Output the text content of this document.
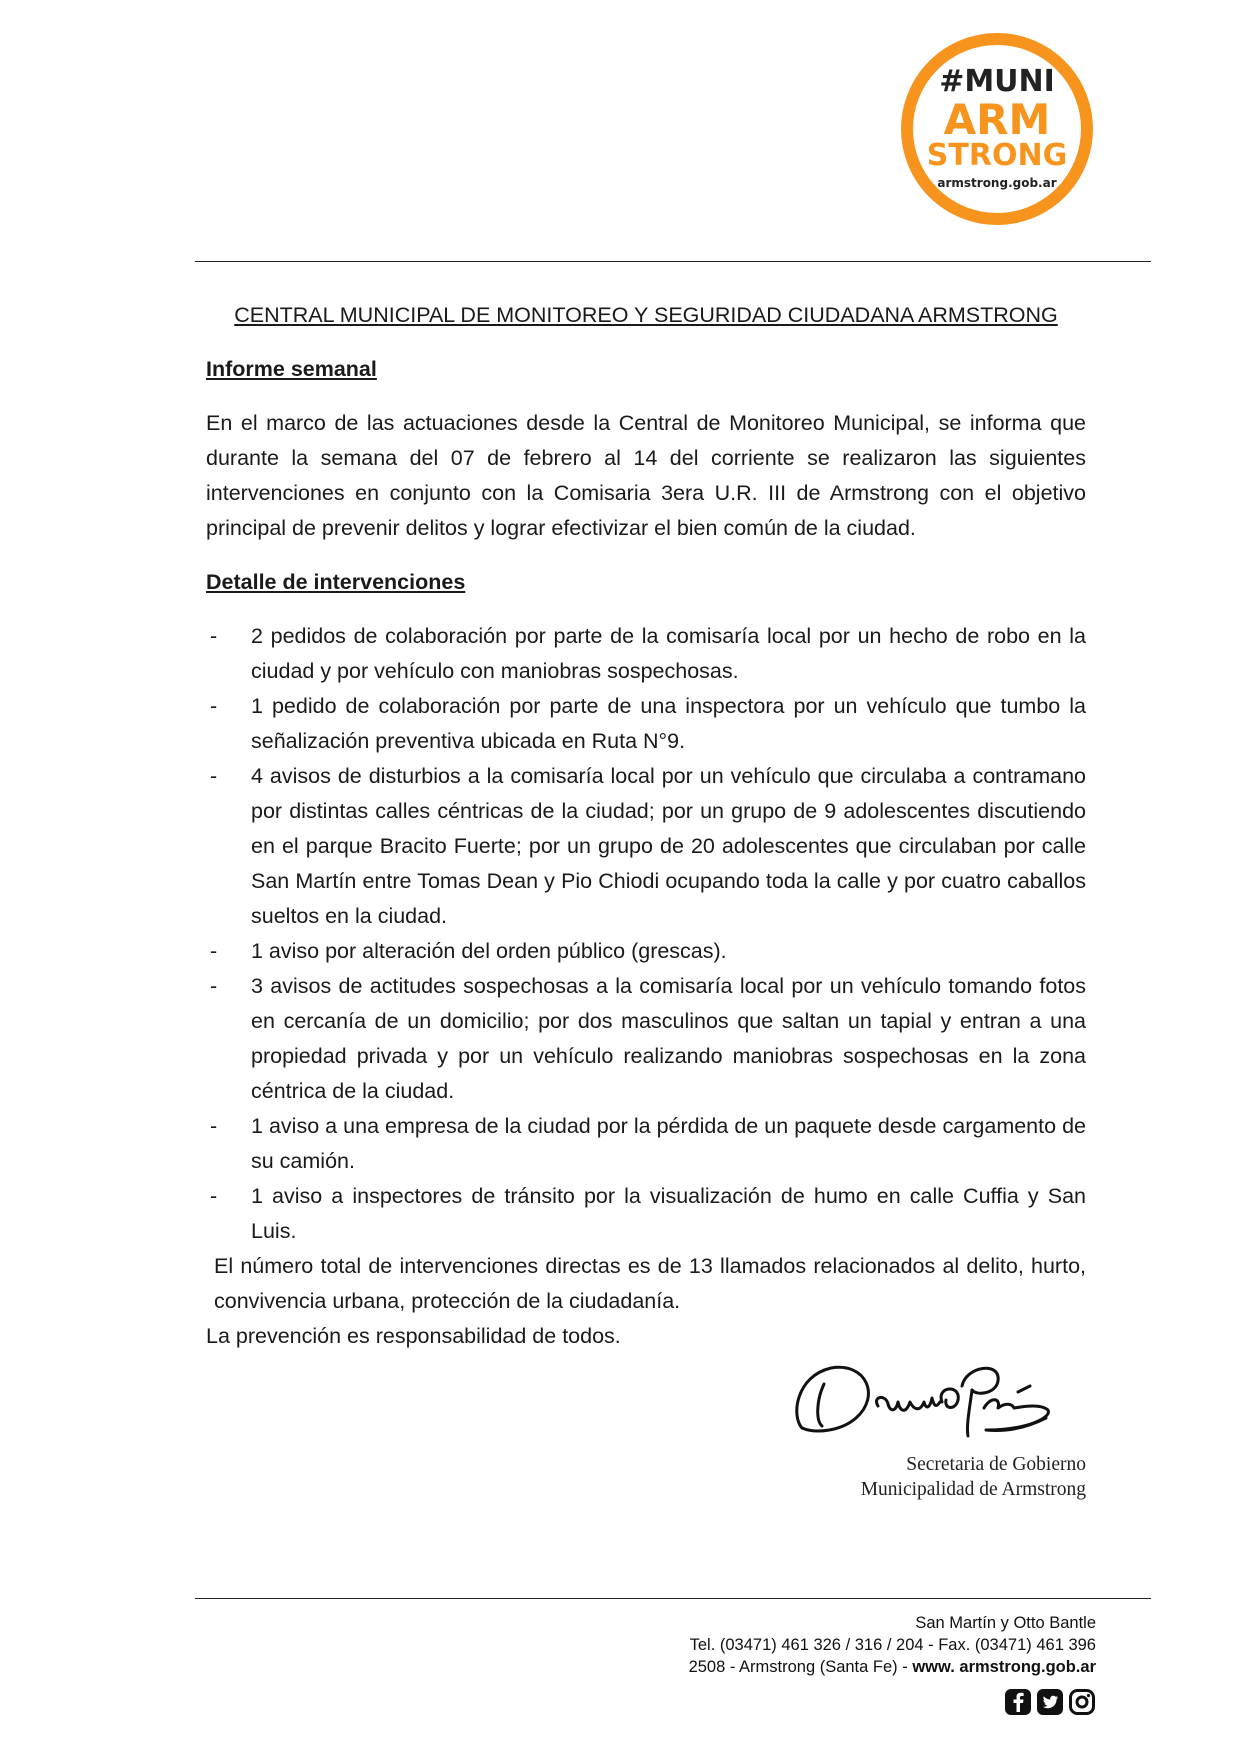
#MUNI
ARM
STRONG
armstrong.gob.ar

CENTRAL MUNICIPAL DE MONITOREO Y SEGURIDAD CIUDADANA ARMSTRONG

Informe semanal

En el marco de las actuaciones desde la Central de Monitoreo Municipal, se informa que durante la semana del 07 de febrero al 14 del corriente se realizaron las siguientes intervenciones en conjunto con la Comisaria 3era U.R. III de Armstrong con el objetivo principal de prevenir delitos y lograr efectivizar el bien común de la ciudad.

Detalle de intervenciones

- 2 pedidos de colaboración por parte de la comisaría local por un hecho de robo en la ciudad y por vehículo con maniobras sospechosas.
- 1 pedido de colaboración por parte de una inspectora por un vehículo que tumbo la señalización preventiva ubicada en Ruta N°9.
- 4 avisos de disturbios a la comisaría local por un vehículo que circulaba a contramano por distintas calles céntricas de la ciudad; por un grupo de 9 adolescentes discutiendo en el parque Bracito Fuerte; por un grupo de 20 adolescentes que circulaban por calle San Martín entre Tomas Dean y Pio Chiodi ocupando toda la calle y por cuatro caballos sueltos en la ciudad.
- 1 aviso por alteración del orden público (grescas).
- 3 avisos de actitudes sospechosas a la comisaría local por un vehículo tomando fotos en cercanía de un domicilio; por dos masculinos que saltan un tapial y entran a una propiedad privada y por un vehículo realizando maniobras sospechosas en la zona céntrica de la ciudad.
- 1 aviso a una empresa de la ciudad por la pérdida de un paquete desde cargamento de su camión.
- 1 aviso a inspectores de tránsito por la visualización de humo en calle Cuffia y San Luis.

El número total de intervenciones directas es de 13 llamados relacionados al delito, hurto, convivencia urbana, protección de la ciudadanía.

La prevención es responsabilidad de todos.

Secretaria de Gobierno
Municipalidad de Armstrong
San Martín y Otto Bantle
Tel. (03471) 461 326 / 316 / 204 - Fax. (03471) 461 396
2508 - Armstrong (Santa Fe) - www. armstrong.gob.ar
